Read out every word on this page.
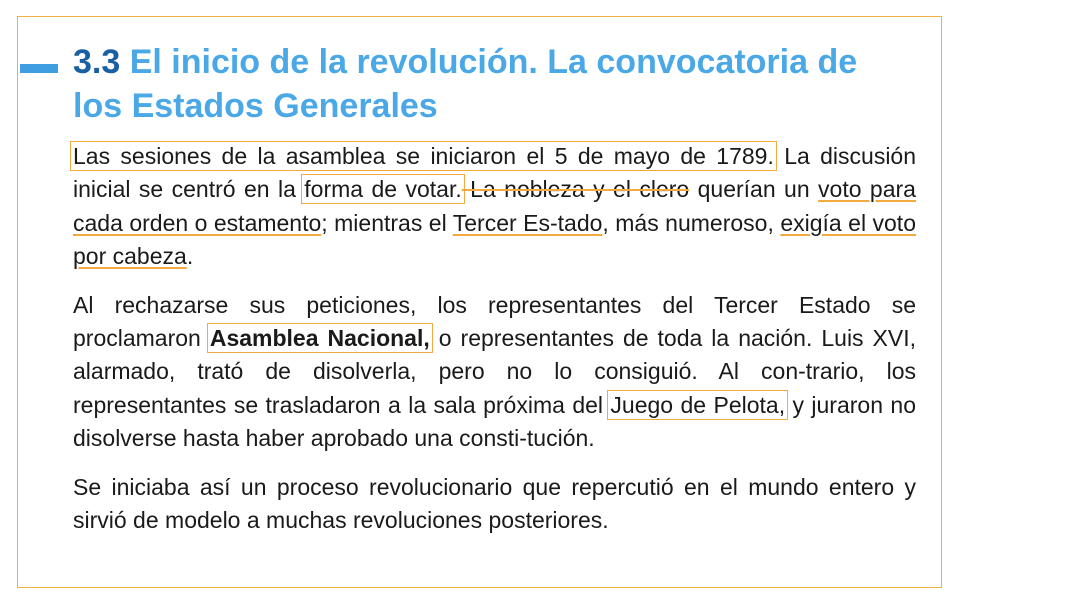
3.3 El inicio de la revolución. La convocatoria de los Estados Generales

Las sesiones de la asamblea se iniciaron el 5 de mayo de 1789. La discusión inicial se centró en la forma de votar. La nobleza y el clero querían un voto para cada orden o estamento; mientras el Tercer Es-tado, más numeroso, exigía el voto por cabeza.

Al rechazarse sus peticiones, los representantes del Tercer Estado se proclamaron Asamblea Nacional, o representantes de toda la nación. Luis XVI, alarmado, trató de disolverla, pero no lo consiguió. Al con-trario, los representantes se trasladaron a la sala próxima del Juego de Pelota, y juraron no disolverse hasta haber aprobado una consti-tución.

Se iniciaba así un proceso revolucionario que repercutió en el mundo entero y sirvió de modelo a muchas revoluciones posteriores.
